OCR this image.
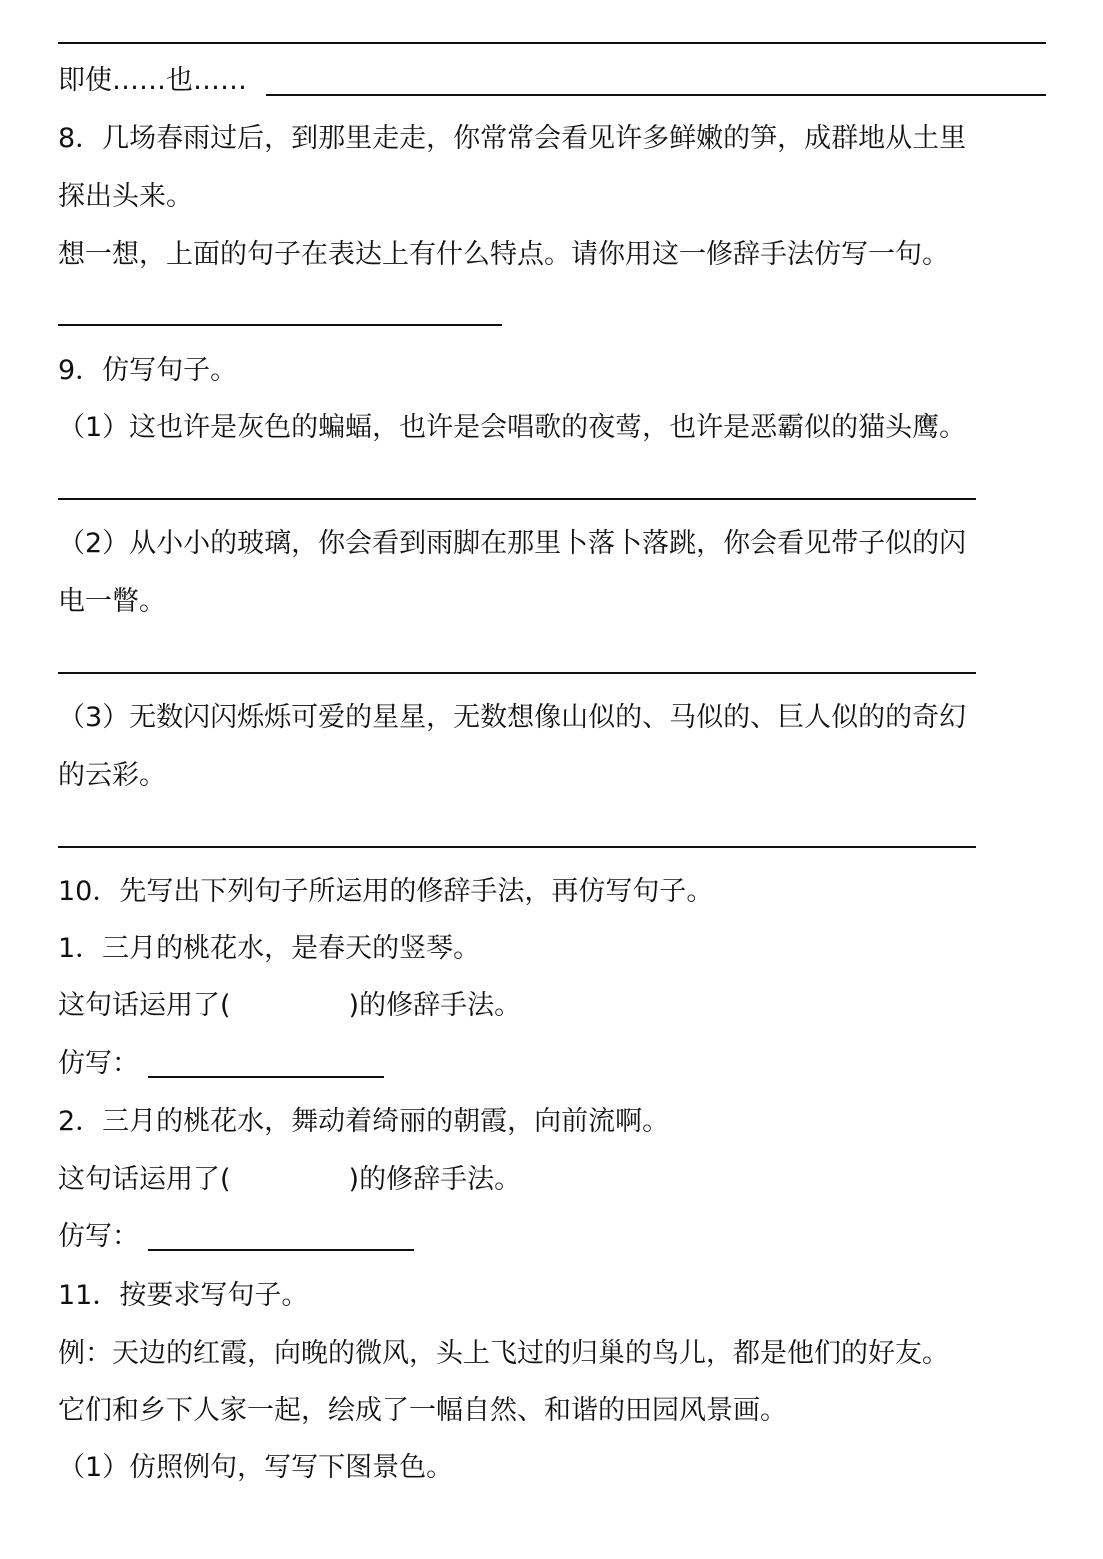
即使……也……
8．几场春雨过后，到那里走走，你常常会看见许多鲜嫩的笋，成群地从土里
探出头来。
想一想，上面的句子在表达上有什么特点。请你用这一修辞手法仿写一句。
9．仿写句子。
（1）这也许是灰色的蝙蝠，也许是会唱歌的夜莺，也许是恶霸似的猫头鹰。
（2）从小小的玻璃，你会看到雨脚在那里卜落卜落跳，你会看见带子似的闪
电一瞥。
（3）无数闪闪烁烁可爱的星星，无数想像山似的、马似的、巨人似的的奇幻
的云彩。
10．先写出下列句子所运用的修辞手法，再仿写句子。
1．三月的桃花水，是春天的竖琴。
这句话运用了(	)的修辞手法。
仿写：
2．三月的桃花水，舞动着绮丽的朝霞，向前流啊。
这句话运用了(	)的修辞手法。
仿写：
11．按要求写句子。
例：天边的红霞，向晚的微风，头上飞过的归巢的鸟儿，都是他们的好友。
它们和乡下人家一起，绘成了一幅自然、和谐的田园风景画。
（1）仿照例句，写写下图景色。
